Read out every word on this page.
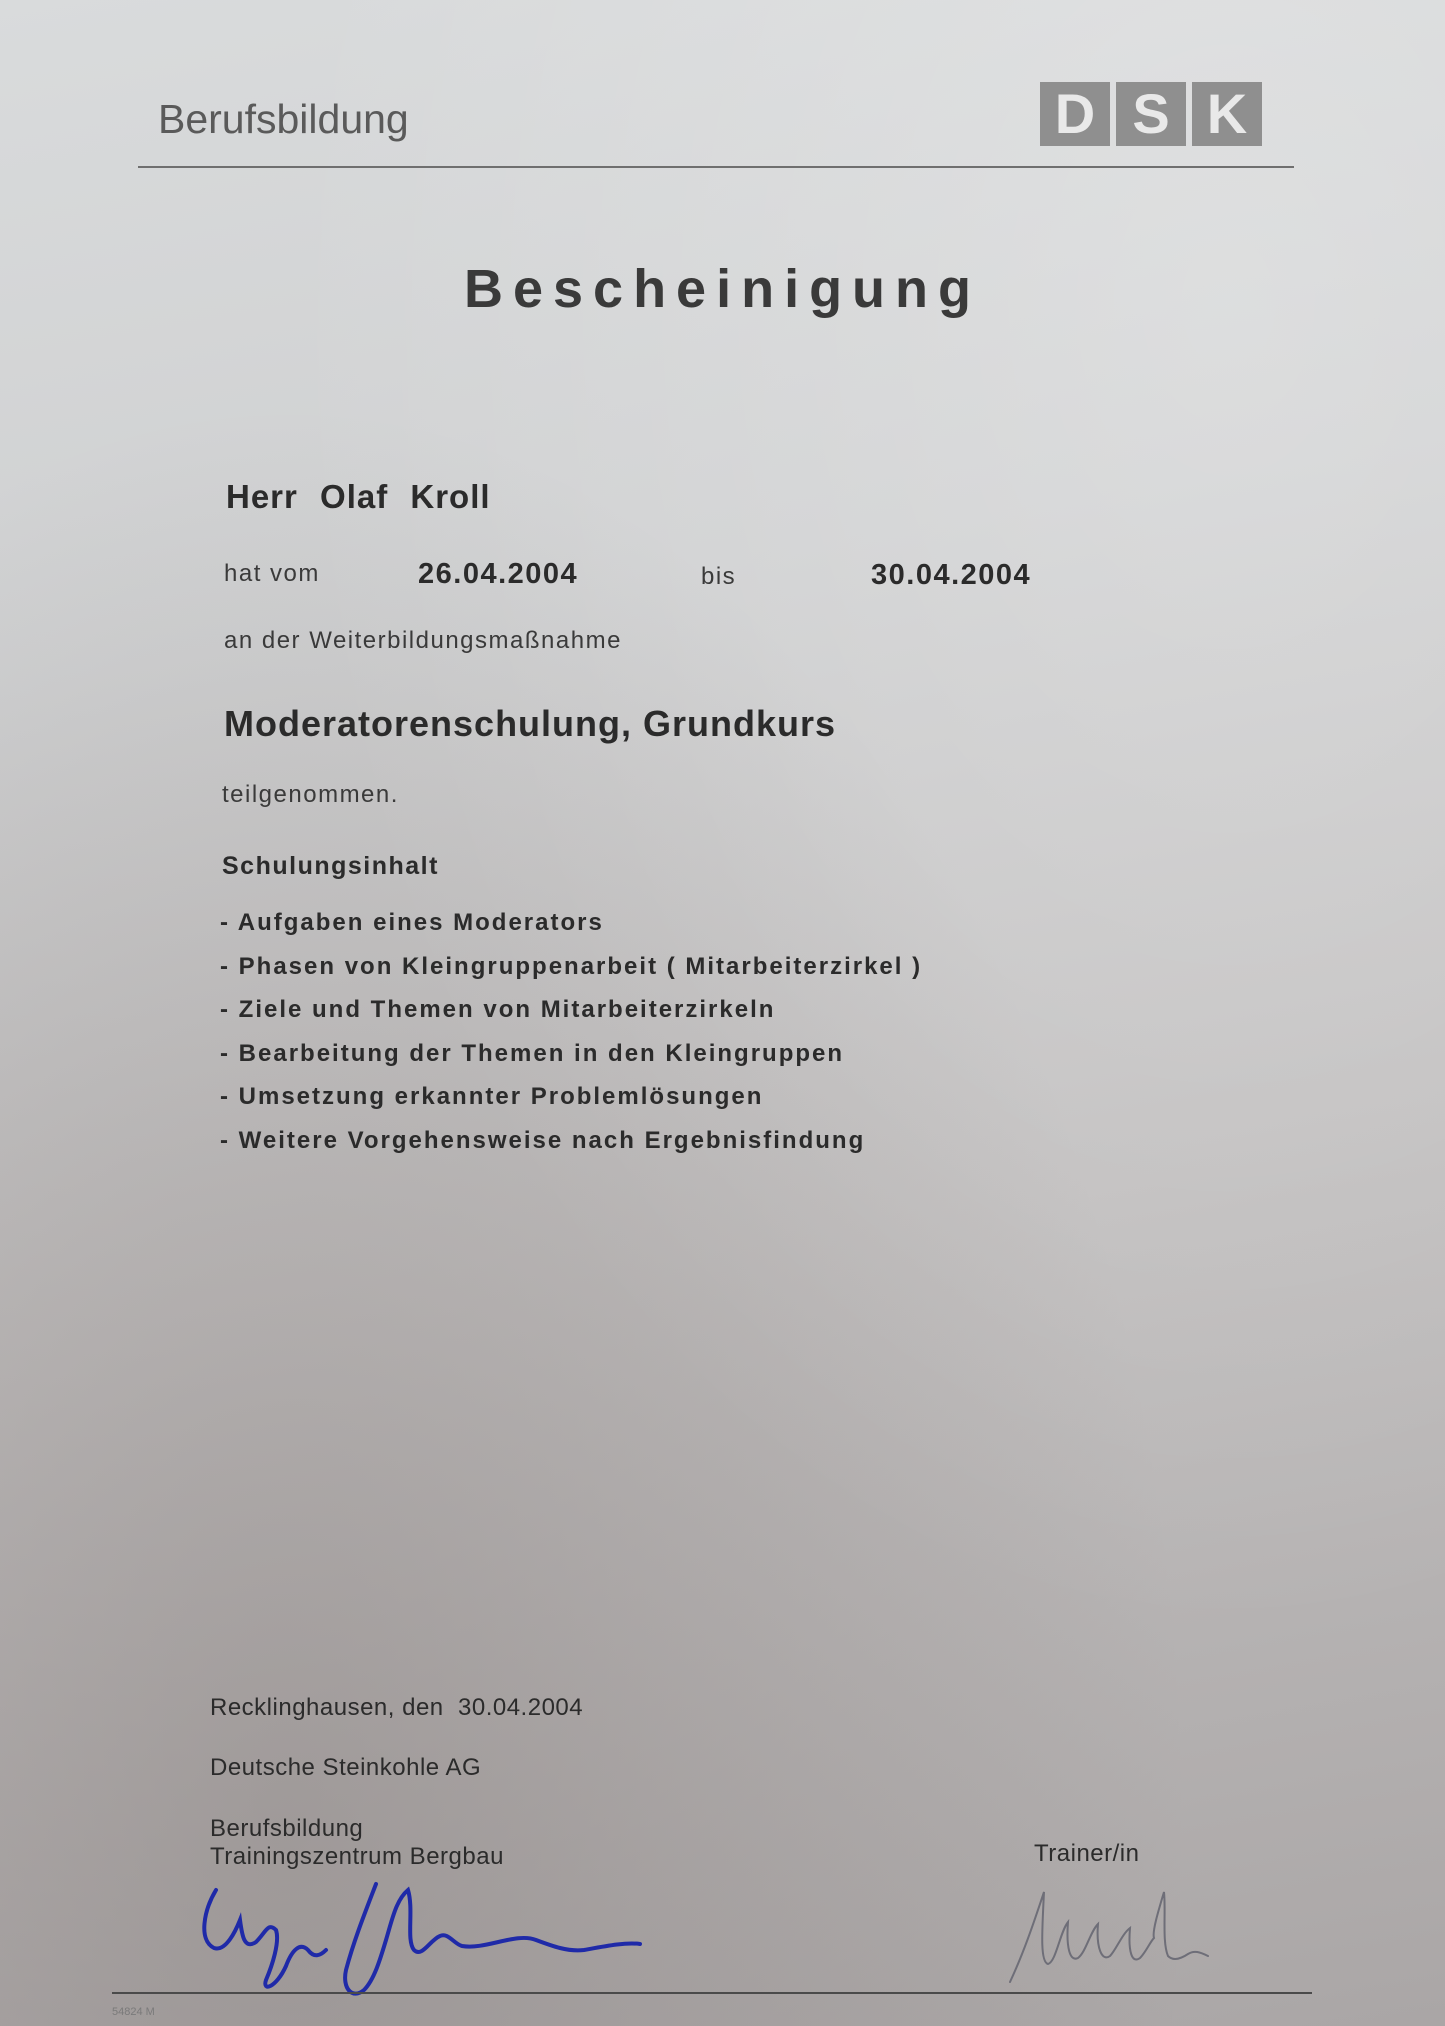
Berufsbildung	D S K
Bescheinigung
Herr Olaf Kroll
hat vom	26.04.2004	bis	30.04.2004
an der Weiterbildungsmaßnahme
Moderatorenschulung, Grundkurs
teilgenommen.
Schulungsinhalt
- Aufgaben eines Moderators
- Phasen von Kleingruppenarbeit ( Mitarbeiterzirkel )
- Ziele und Themen von Mitarbeiterzirkeln
- Bearbeitung der Themen in den Kleingruppen
- Umsetzung erkannter Problemlösungen
- Weitere Vorgehensweise nach Ergebnisfindung
Recklinghausen, den  30.04.2004
Deutsche Steinkohle AG
Berufsbildung
Trainingszentrum Bergbau	Trainer/in
54824 M
